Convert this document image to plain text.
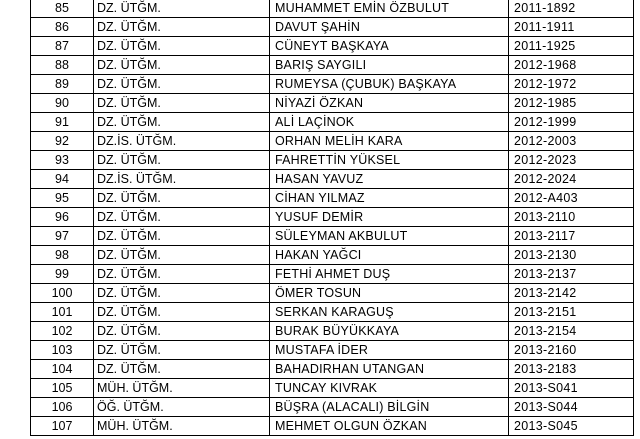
85	DZ. ÜTĞM.	MUHAMMET EMİN ÖZBULUT	2011-1892
86	DZ. ÜTĞM.	DAVUT ŞAHİN	2011-1911
87	DZ. ÜTĞM.	CÜNEYT BAŞKAYA	2011-1925
88	DZ. ÜTĞM.	BARIŞ SAYGILI	2012-1968
89	DZ. ÜTĞM.	RUMEYSA (ÇUBUK) BAŞKAYA	2012-1972
90	DZ. ÜTĞM.	NİYAZİ ÖZKAN	2012-1985
91	DZ. ÜTĞM.	ALİ LAÇİNOK	2012-1999
92	DZ.İS. ÜTĞM.	ORHAN MELİH KARA	2012-2003
93	DZ. ÜTĞM.	FAHRETTİN YÜKSEL	2012-2023
94	DZ.İS. ÜTĞM.	HASAN YAVUZ	2012-2024
95	DZ. ÜTĞM.	CİHAN YILMAZ	2012-A403
96	DZ. ÜTĞM.	YUSUF DEMİR	2013-2110
97	DZ. ÜTĞM.	SÜLEYMAN AKBULUT	2013-2117
98	DZ. ÜTĞM.	HAKAN YAĞCI	2013-2130
99	DZ. ÜTĞM.	FETHİ AHMET DUŞ	2013-2137
100	DZ. ÜTĞM.	ÖMER TOSUN	2013-2142
101	DZ. ÜTĞM.	SERKAN KARAGUŞ	2013-2151
102	DZ. ÜTĞM.	BURAK BÜYÜKKAYA	2013-2154
103	DZ. ÜTĞM.	MUSTAFA İDER	2013-2160
104	DZ. ÜTĞM.	BAHADIRHAN UTANGAN	2013-2183
105	MÜH. ÜTĞM.	TUNCAY KIVRAK	2013-S041
106	ÖĞ. ÜTĞM.	BÜŞRA (ALACALI) BİLGİN	2013-S044
107	MÜH. ÜTĞM.	MEHMET OLGUN ÖZKAN	2013-S045
